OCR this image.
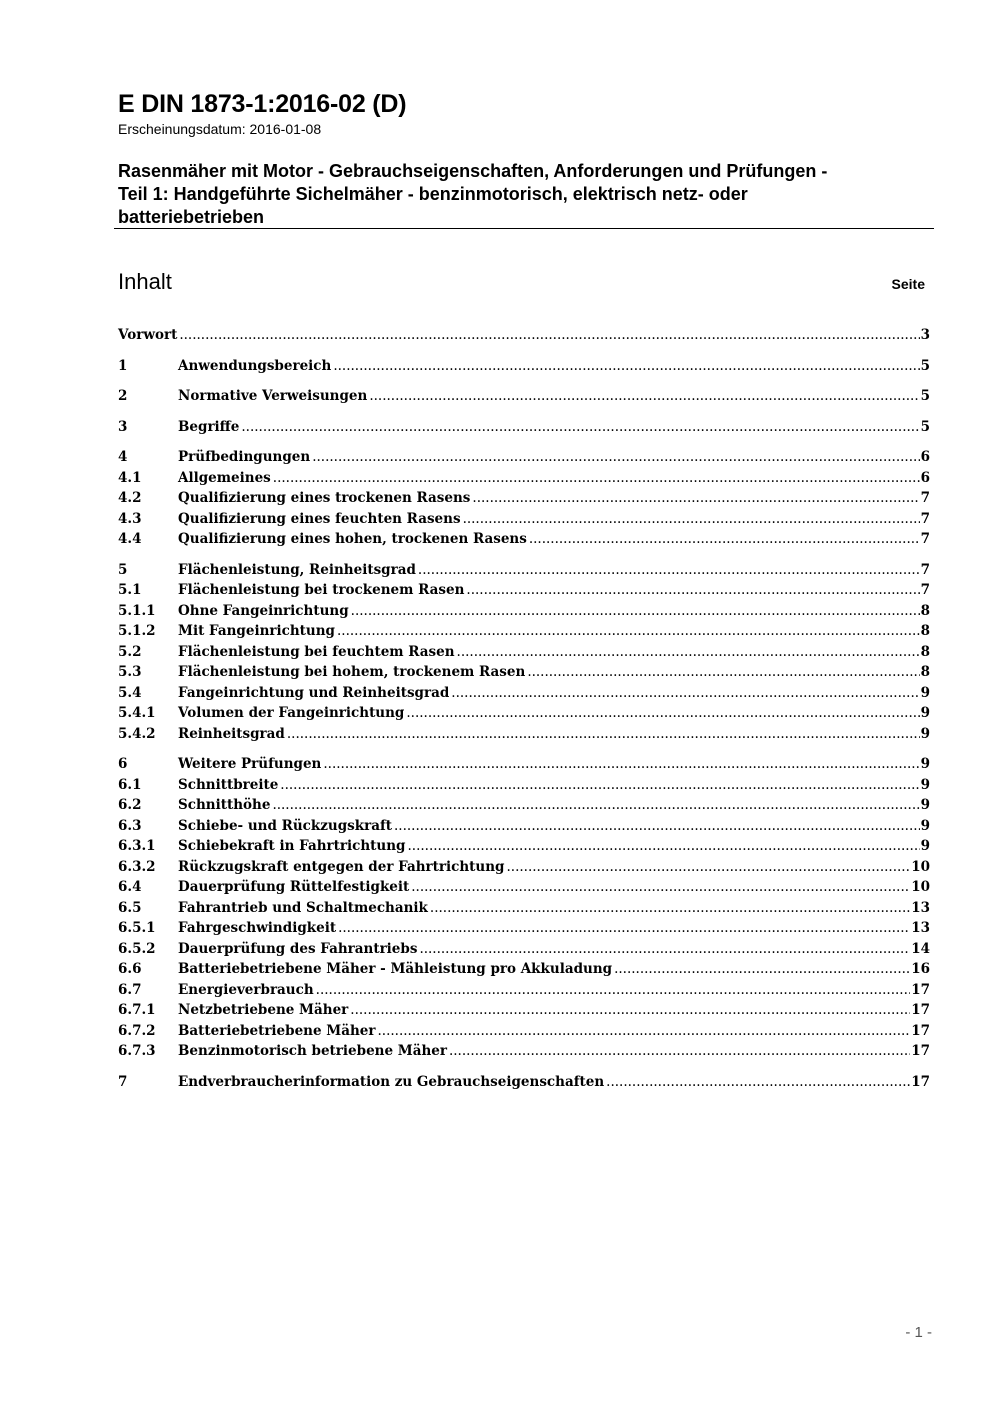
E DIN 1873-1:2016-02 (D)
Erscheinungsdatum: 2016-01-08
Rasenmäher mit Motor - Gebrauchseigenschaften, Anforderungen und Prüfungen -
Teil 1: Handgeführte Sichelmäher - benzinmotorisch, elektrisch netz- oder
batteriebetrieben
Inhalt	Seite
Vorwort .....	3
1	Anwendungsbereich .....	5
2	Normative Verweisungen .....	5
3	Begriffe .....	5
4	Prüfbedingungen .....	6
4.1	Allgemeines .....	6
4.2	Qualifizierung eines trockenen Rasens .....	7
4.3	Qualifizierung eines feuchten Rasens .....	7
4.4	Qualifizierung eines hohen, trockenen Rasens .....	7
5	Flächenleistung, Reinheitsgrad .....	7
5.1	Flächenleistung bei trockenem Rasen .....	7
5.1.1	Ohne Fangeinrichtung .....	8
5.1.2	Mit Fangeinrichtung .....	8
5.2	Flächenleistung bei feuchtem Rasen .....	8
5.3	Flächenleistung bei hohem, trockenem Rasen .....	8
5.4	Fangeinrichtung und Reinheitsgrad .....	9
5.4.1	Volumen der Fangeinrichtung .....	9
5.4.2	Reinheitsgrad .....	9
6	Weitere Prüfungen .....	9
6.1	Schnittbreite .....	9
6.2	Schnitthöhe .....	9
6.3	Schiebe- und Rückzugskraft .....	9
6.3.1	Schiebekraft in Fahrtrichtung .....	9
6.3.2	Rückzugskraft entgegen der Fahrtrichtung .....	10
6.4	Dauerprüfung Rüttelfestigkeit .....	10
6.5	Fahrantrieb und Schaltmechanik .....	13
6.5.1	Fahrgeschwindigkeit .....	13
6.5.2	Dauerprüfung des Fahrantriebs .....	14
6.6	Batteriebetriebene Mäher - Mähleistung pro Akkuladung .....	16
6.7	Energieverbrauch .....	17
6.7.1	Netzbetriebene Mäher .....	17
6.7.2	Batteriebetriebene Mäher .....	17
6.7.3	Benzinmotorisch betriebene Mäher .....	17
7	Endverbraucherinformation zu Gebrauchseigenschaften .....	17
- 1 -
